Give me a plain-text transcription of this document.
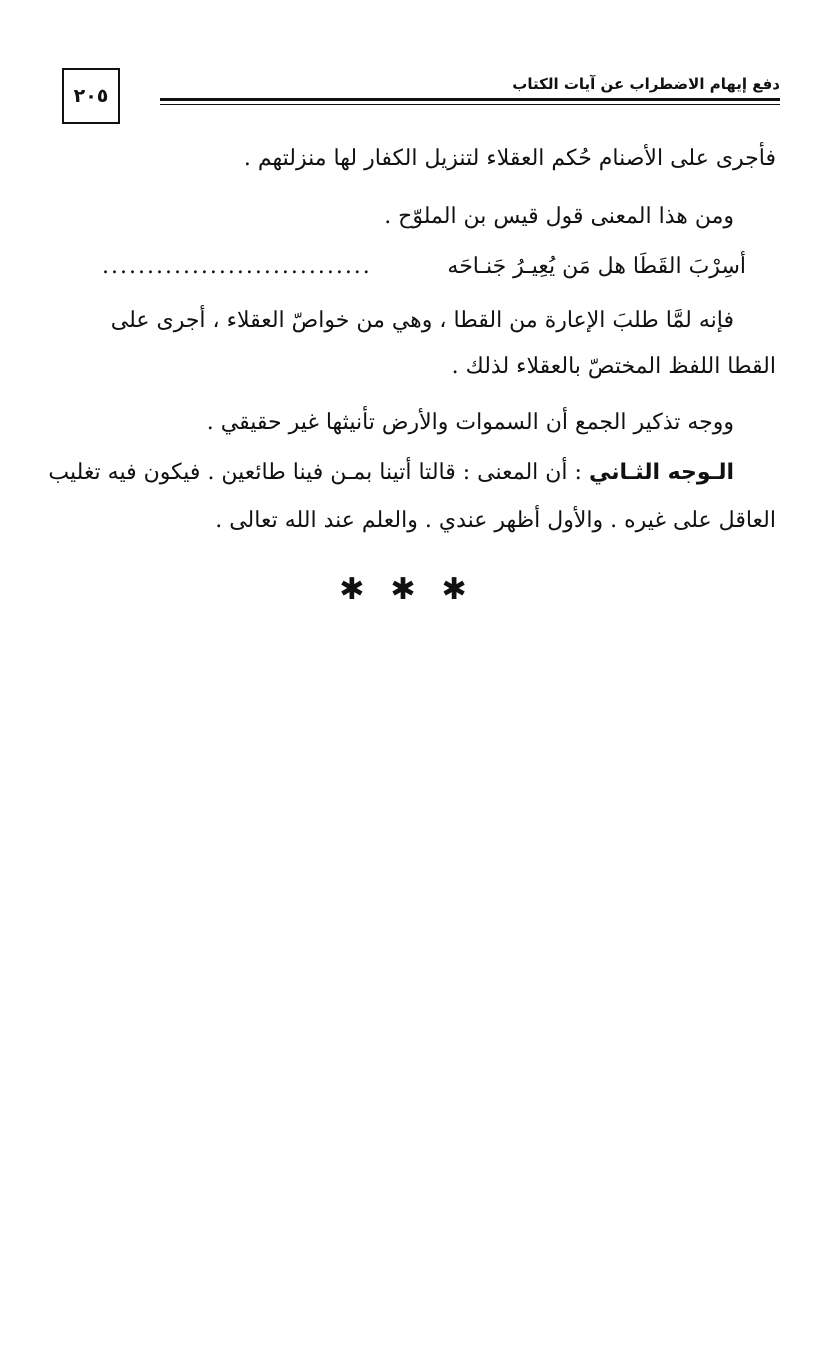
٢٠٥
دفع إيهام الاضطراب عن آيات الكتاب
فأجرى على الأصنام حُكم العقلاء لتنزيل الكفار لها منزلتهم .
ومن هذا المعنى قول قيس بن الملوّح .
أسِرْبَ القَطَا هل مَن يُعِيـرُ جَنـاحَه
..............................
فإنه لمَّا طلبَ الإعارة من القطا ، وهي من خواصّ العقلاء ، أجرى على
القطا اللفظ المختصّ بالعقلاء لذلك .
ووجه تذكير الجمع أن السموات والأرض تأنيثها غير حقيقي .
الـوجه الثـاني : أن المعنى : قالتا أتينا بمـن فينا طائعين . فيكون فيه تغليب
العاقل على غيره . والأول أظهر عندي . والعلم عند الله تعالى .
✱✱✱
